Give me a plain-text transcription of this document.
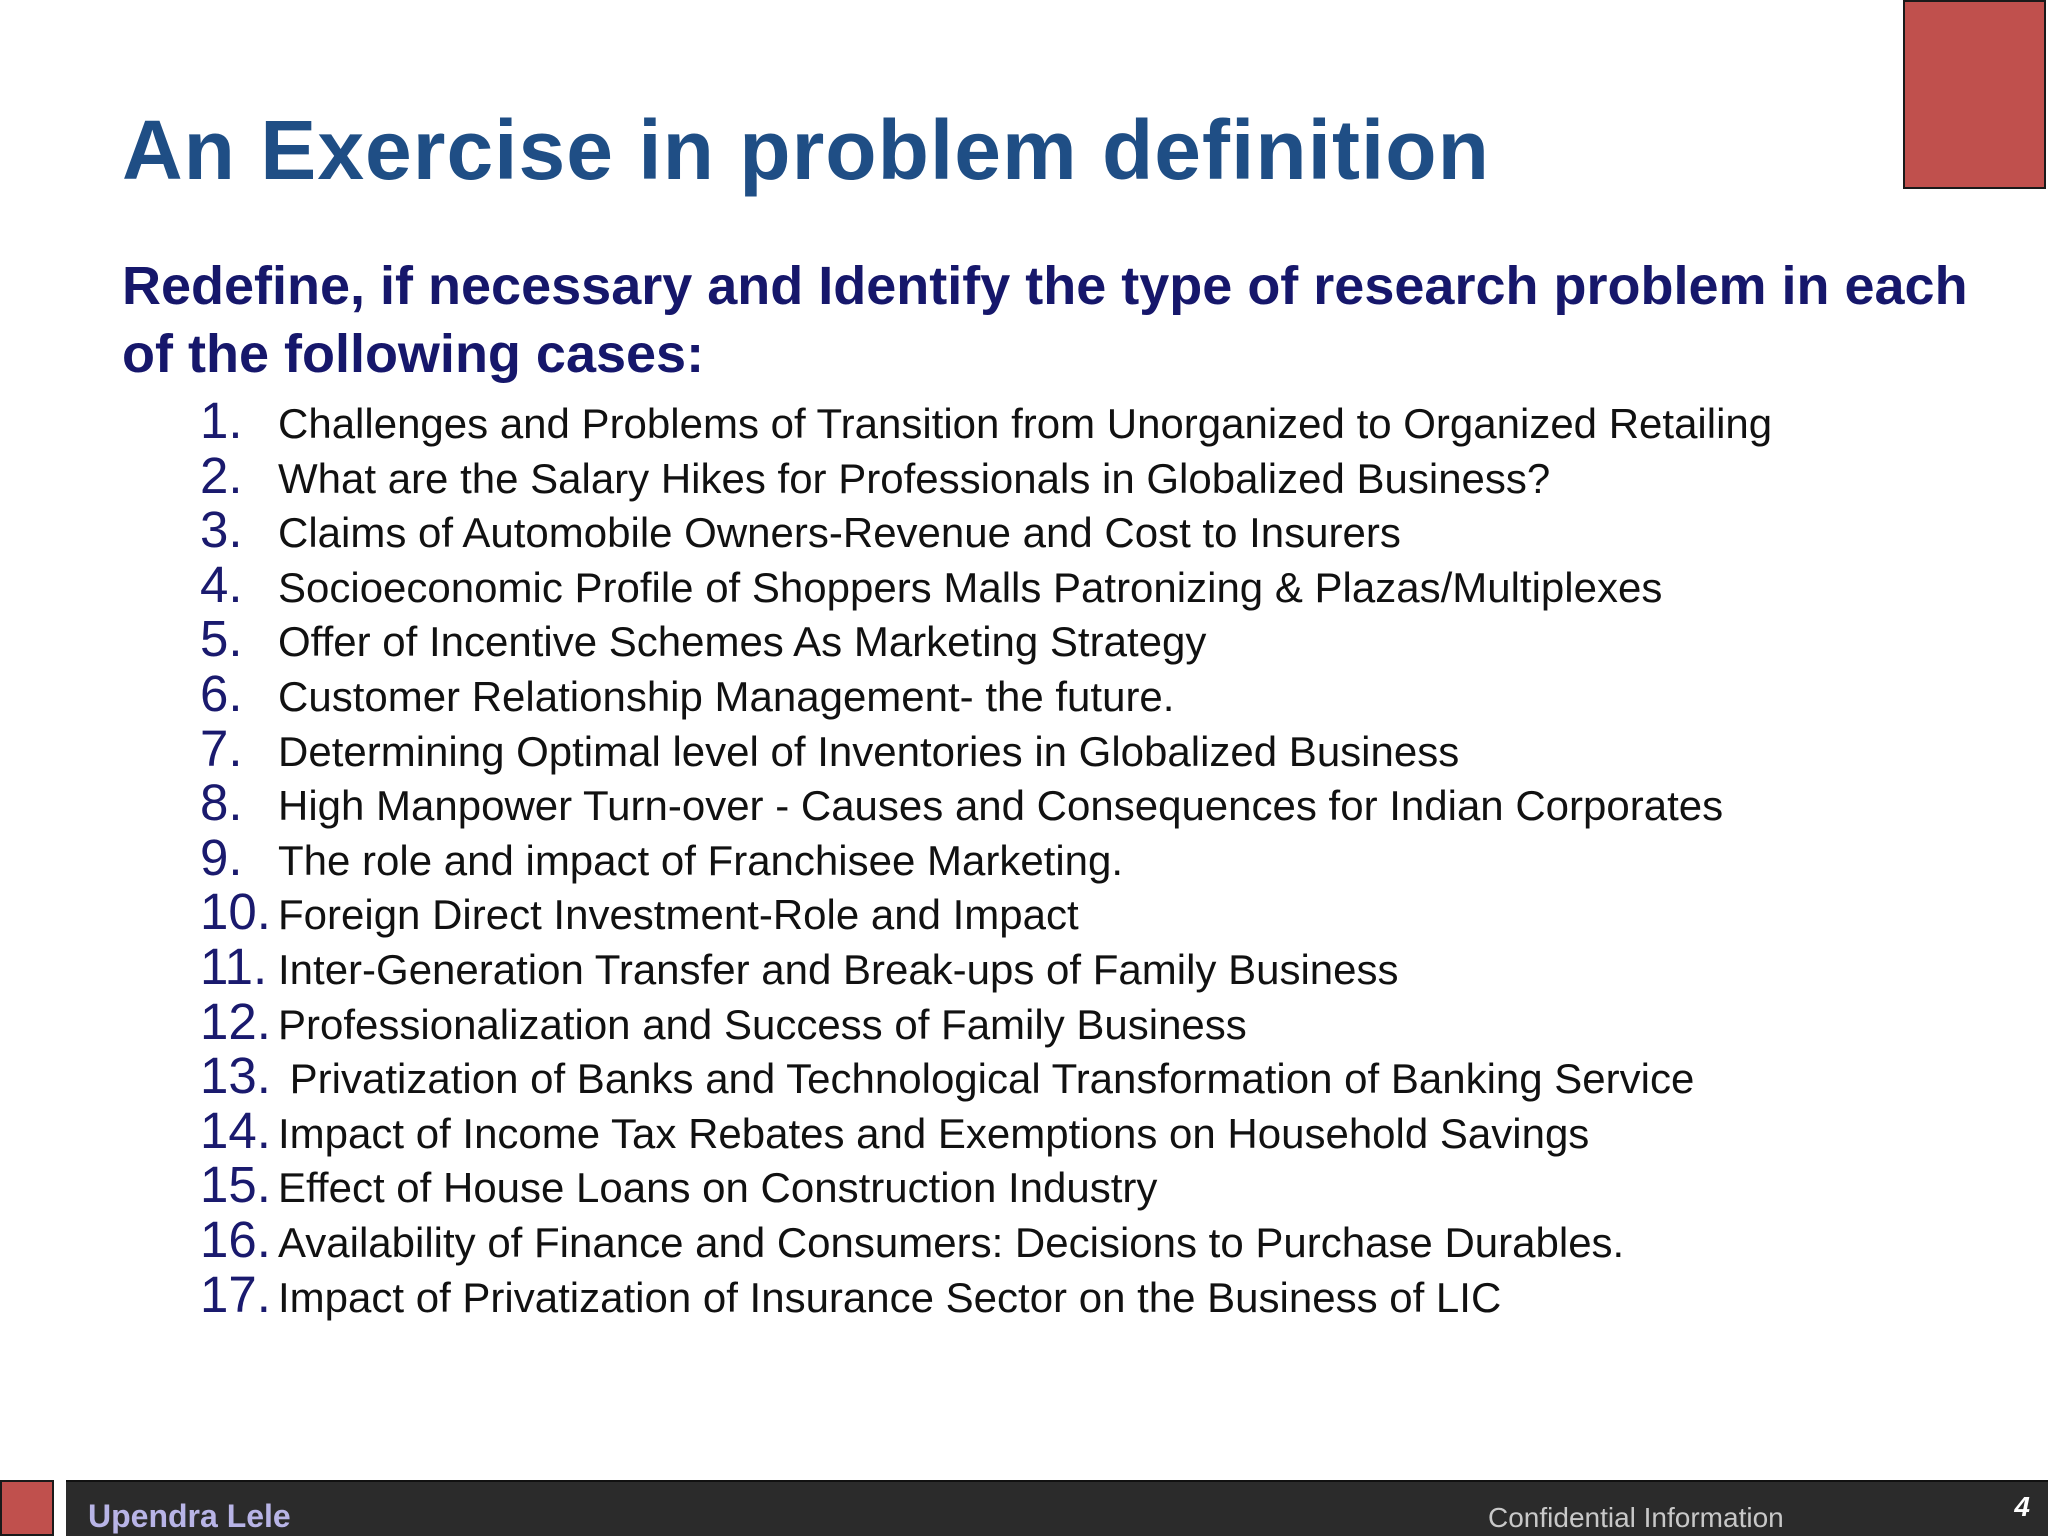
An Exercise in problem definition

Redefine, if necessary and Identify the type of research problem in each of the following cases:

1. Challenges and Problems of Transition from Unorganized to Organized Retailing
2. What are the Salary Hikes for Professionals in Globalized Business?
3. Claims of Automobile Owners-Revenue and Cost to Insurers
4. Socioeconomic Profile of Shoppers Malls Patronizing & Plazas/Multiplexes
5. Offer of Incentive Schemes As Marketing Strategy
6. Customer Relationship Management- the future.
7. Determining Optimal level of Inventories in Globalized Business
8. High Manpower Turn-over - Causes and Consequences for Indian Corporates
9. The role and impact of Franchisee Marketing.
10. Foreign Direct Investment-Role and Impact
11. Inter-Generation Transfer and Break-ups of Family Business
12. Professionalization and Success of Family Business
13. Privatization of Banks and Technological Transformation of Banking Service
14. Impact of Income Tax Rebates and Exemptions on Household Savings
15. Effect of House Loans on Construction Industry
16. Availability of Finance and Consumers: Decisions to Purchase Durables.
17. Impact of Privatization of Insurance Sector on the Business of LIC
Upendra Lele	Confidential Information	4
